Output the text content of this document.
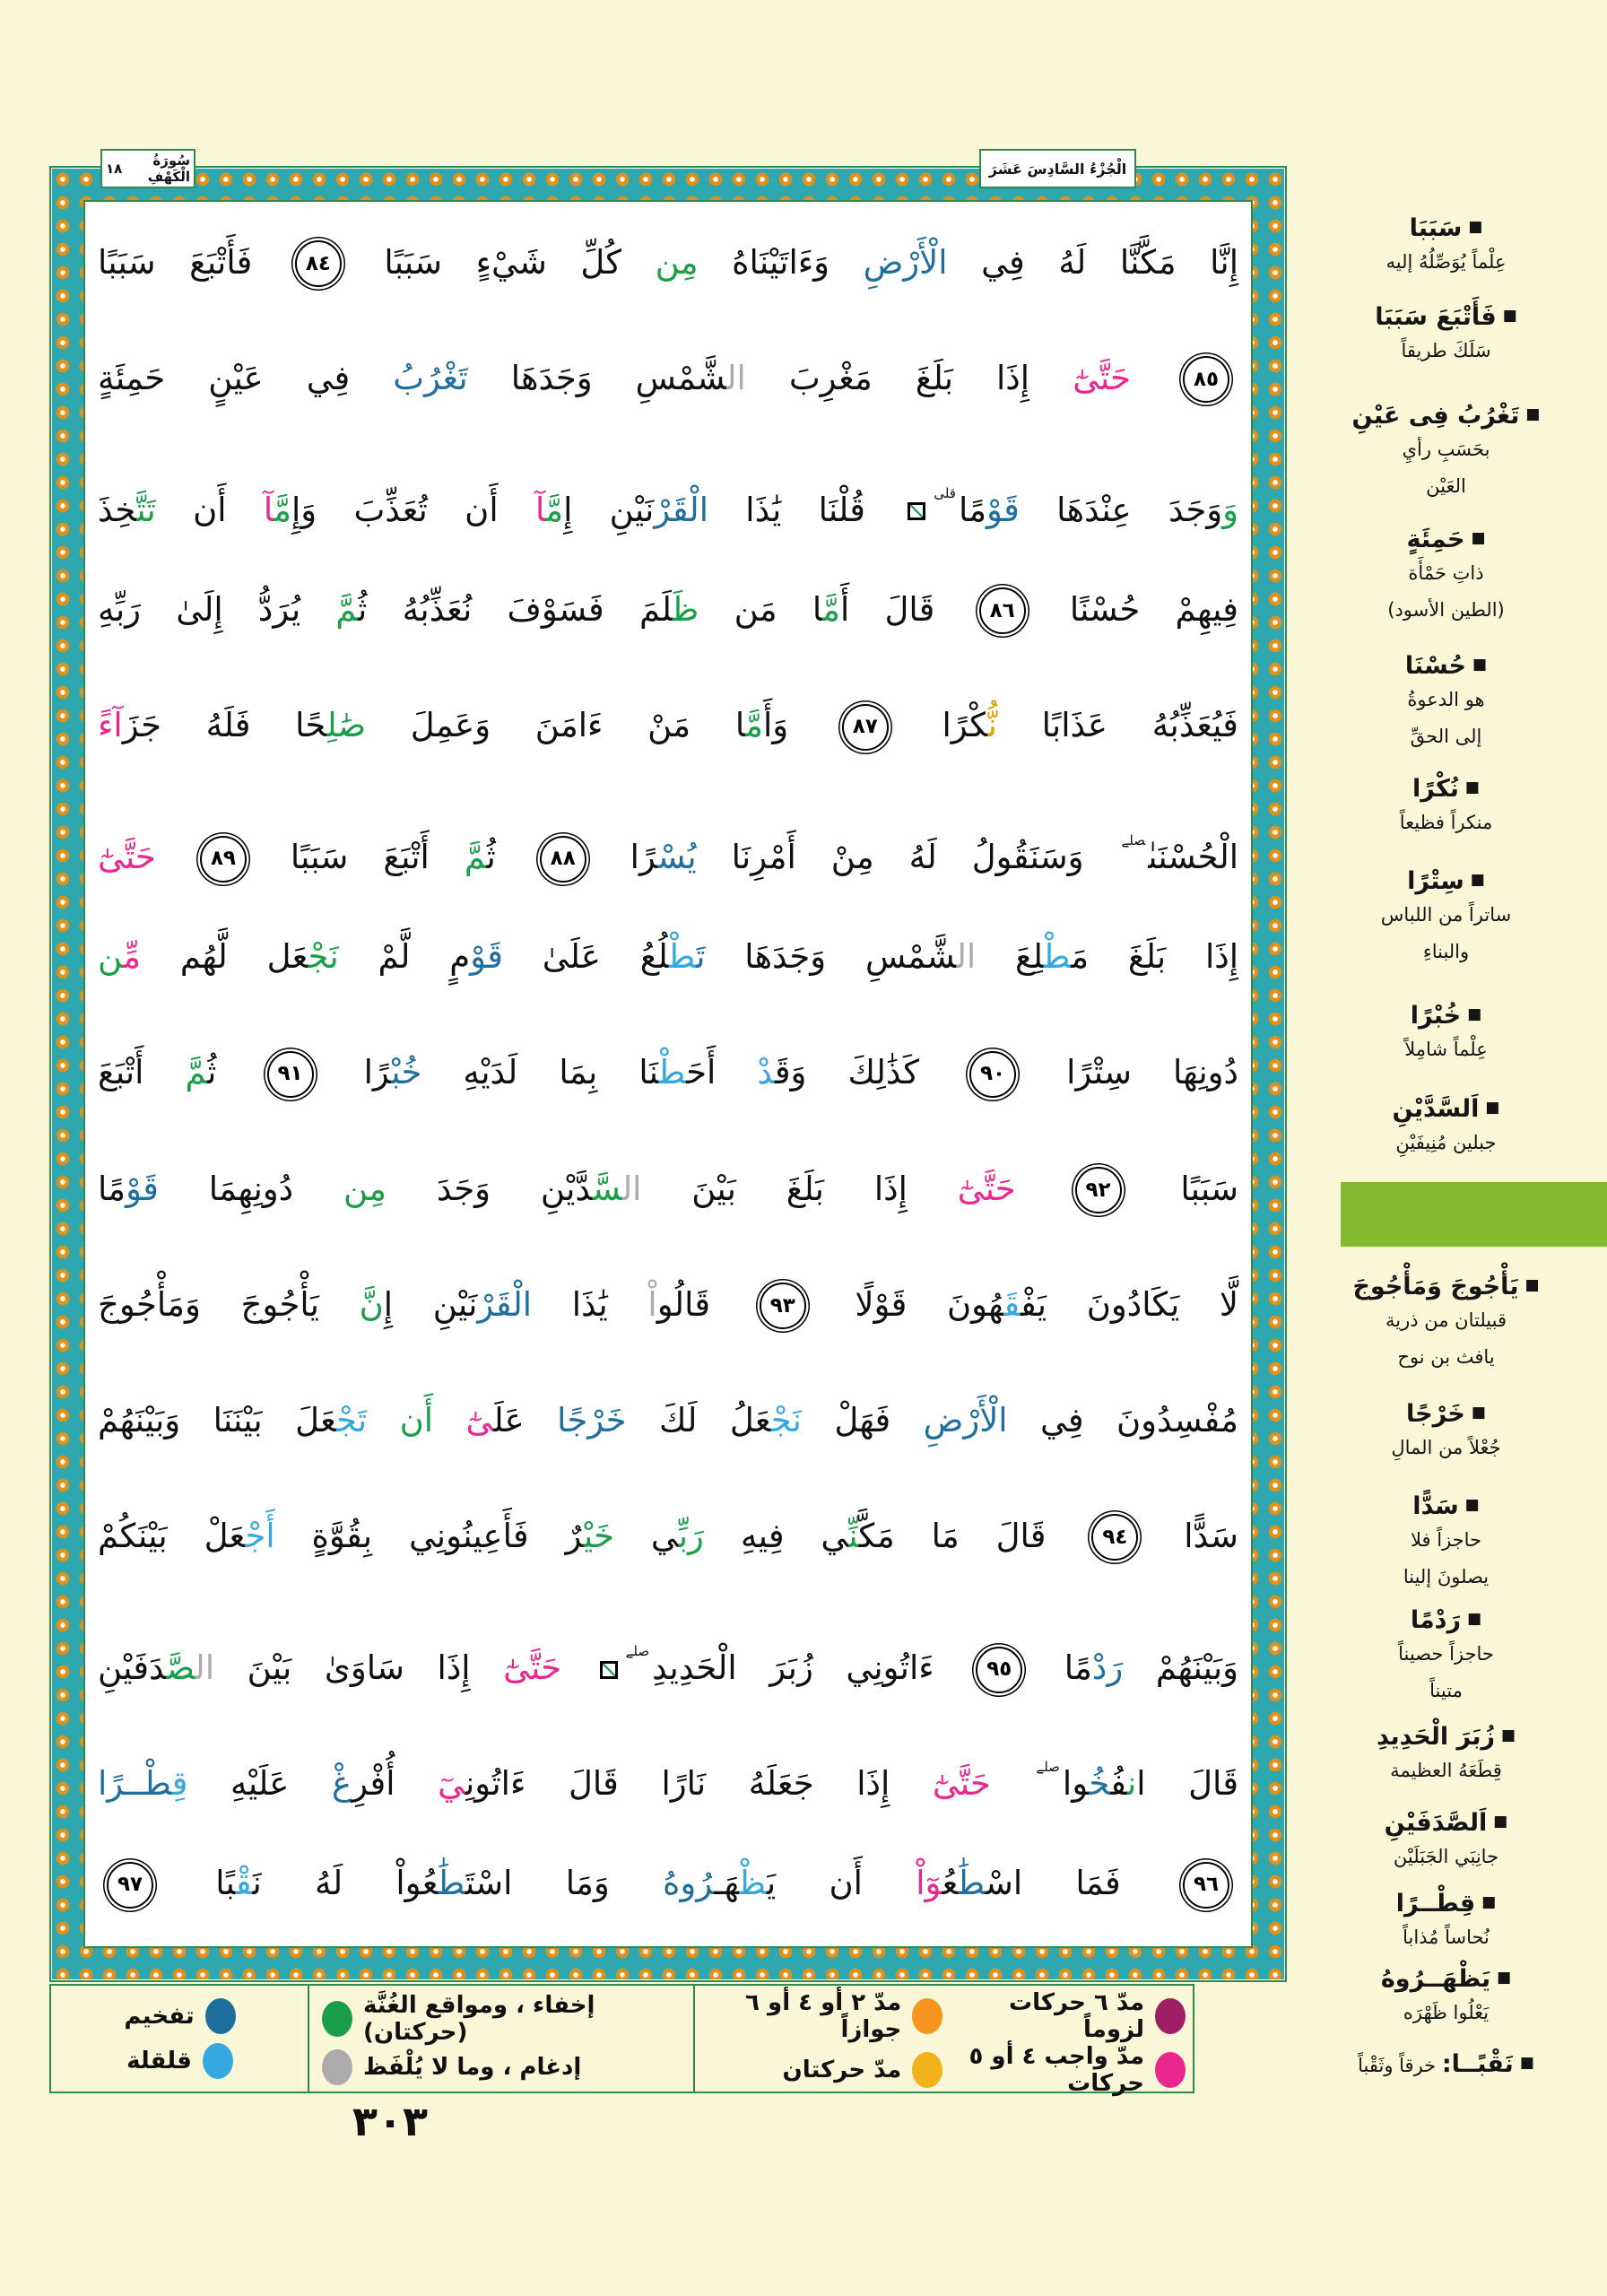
إِنَّا مَكَّنَّا لَهُ فِي الْأَرْضِ وَءَاتَيْنَاهُ مِن كُلِّ شَيْءٍ سَبَبًا ٨٤ فَأَتْبَعَ سَبَبًا
٨٥ حَتَّىٰٓ إِذَا بَلَغَ مَغْرِبَ الشَّمْسِ وَجَدَهَا تَغْرُبُ فِي عَيْنٍ حَمِئَةٍ
وَوَجَدَ عِنْدَهَا قَوْمًا$^{قلى}$ قُلْنَا يَٰذَا الْقَرْنَيْنِ إِمَّآ أَن تُعَذِّبَ وَإِمَّآ أَن تَتَّخِذَ
فِيهِمْ حُسْنًا ٨٦ قَالَ أَمَّا مَن ظَلَمَ فَسَوْفَ نُعَذِّبُهُ ثُمَّ يُرَدُّ إِلَىٰ رَبِّهِ
فَيُعَذِّبُهُ عَذَابًا نُّكْرًا ٨٧ وَأَمَّا مَنْ ءَامَنَ وَعَمِلَ صَٰلِحًا فَلَهُ جَزَآءً
الْحُسْنَىٰ$^{صلے}$ وَسَنَقُولُ لَهُ مِنْ أَمْرِنَا يُسْرًا ٨٨ ثُمَّ أَتْبَعَ سَبَبًا ٨٩ حَتَّىٰٓ
إِذَا بَلَغَ مَطْلِعَ الشَّمْسِ وَجَدَهَا تَطْلُعُ عَلَىٰ قَوْمٍ لَّمْ نَجْعَل لَّهُم مِّن
دُونِهَا سِتْرًا ٩٠ كَذَٰلِكَ وَقَدْ أَحَطْنَا بِمَا لَدَيْهِ خُبْرًا ٩١ ثُمَّ أَتْبَعَ
سَبَبًا ٩٢ حَتَّىٰٓ إِذَا بَلَغَ بَيْنَ السَّدَّيْنِ وَجَدَ مِن دُونِهِمَا قَوْمًا
لَّا يَكَادُونَ يَفْقَهُونَ قَوْلًا ٩٣ قَالُواْ يَٰذَا الْقَرْنَيْنِ إِنَّ يَأْجُوجَ وَمَأْجُوجَ
مُفْسِدُونَ فِي الْأَرْضِ فَهَلْ نَجْعَلُ لَكَ خَرْجًا عَلَىٰٓ أَن تَجْعَلَ بَيْنَنَا وَبَيْنَهُمْ
سَدًّا ٩٤ قَالَ مَا مَكَّنِّي فِيهِ رَبِّي خَيْرٌ فَأَعِينُونِي بِقُوَّةٍ أَجْعَلْ بَيْنَكُمْ
وَبَيْنَهُمْ رَدْمًا ٩٥ ءَاتُونِي زُبَرَ الْحَدِيدِ$^{صلے}$ حَتَّىٰٓ إِذَا سَاوَىٰ بَيْنَ الصَّدَفَيْنِ
قَالَ انفُخُوا$^{صلے}$ حَتَّىٰٓ إِذَا جَعَلَهُ نَارًا قَالَ ءَاتُونِيٓ أُفْرِغْ عَلَيْهِ قِطْــرًا
٩٦ فَمَا اسْطَٰعُوٓا أَن يَظْهَـرُوهُ وَمَا اسْتَطَٰعُوا لَهُ نَقْبًا ٩٧
سُورَةُ الْكَهْفِ
١٨	الْجُزْءُ السَّادِسَ عَشَرَ
■سَبَبَا
عِلْماً يُوَصِّلُهُ إليه
■فَأَتْبَعَ سَبَبَا
سَلَكَ طريقاً
■تَغْرُبُ فِى عَيْنِ
بحَسَبِ رأيِ
العَيْن
■حَمِئَةٍ
ذاتِ حَمْأَة
(الطين الأسود)
■حُسْنَا
هو الدعوةُ
إلى الحقِّ
■نُكْرًا
منكراً فظيعاً
■سِتْرًا
ساتراً من اللباس
والبناءِ
■خُبْرًا
عِلْماً شامِلاً
■اَلسَّدَّيْنِ
جبلين مُنِيفَيْنِ
■يَأْجُوجَ وَمَأْجُوجَ
قبيلتان من ذرية
يافث بن نوح
■خَرْجًا
جُعْلاً من المالِ
■سَدًّا
حاجزاً فلا
يصلونَ إلينا
■رَدْمًا
حاجزاً حصيناً
متيناً
■زُبَرَ الْحَدِيدِ
قِطَعَهُ العظيمة
■اَلصَّدَفَيْنِ
جانِبَي الجَبَلَيْن
■قِطْــرًا
نُحاساً مُذاباً
■يَظْهَــرُوهُ
يَعْلُوا ظَهْرَه
■نَقْبًــا: خرقاً وثَقْباً
مدّ ٦ حركات لزوماً
مدّ ٢ أو ٤ أو ٦ جوازاً
مدّ واجب ٤ أو ٥ حركات
مدّ حركتان
إخفاء ، ومواقع الغُنَّة (حركتان)
إدغام ، وما لا يُلْفَظ
تفخيم
قلقلة
٣٠٣
